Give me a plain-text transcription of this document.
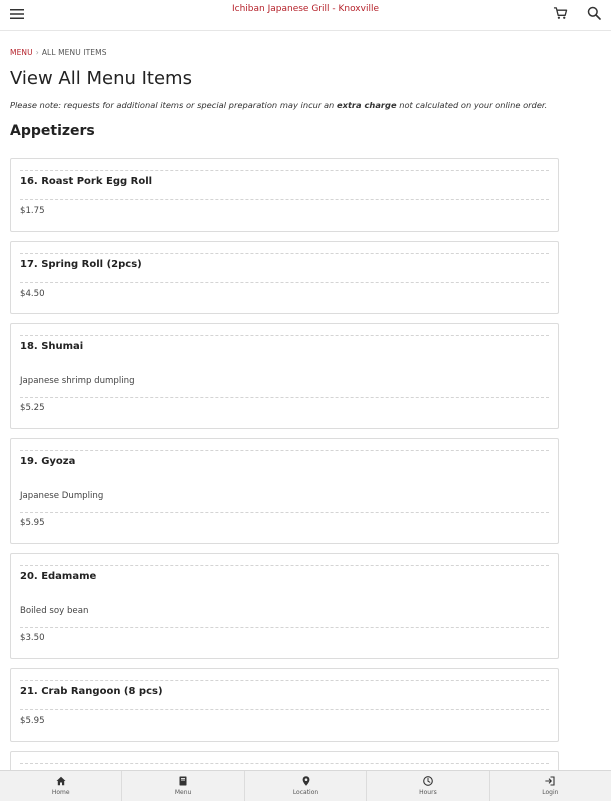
Ichiban Japanese Grill - Knoxville
MENU › ALL MENU ITEMS
View All Menu Items
Please note: requests for additional items or special preparation may incur an extra charge not calculated on your online order.
Appetizers
16. Roast Pork Egg Roll
$1.75
17. Spring Roll (2pcs)
$4.50
18. Shumai
Japanese shrimp dumpling
$5.25
19. Gyoza
Japanese Dumpling
$5.95
20. Edamame
Boiled soy bean
$3.50
21. Crab Rangoon (8 pcs)
$5.95
Home	Menu	Location	Hours	Login
